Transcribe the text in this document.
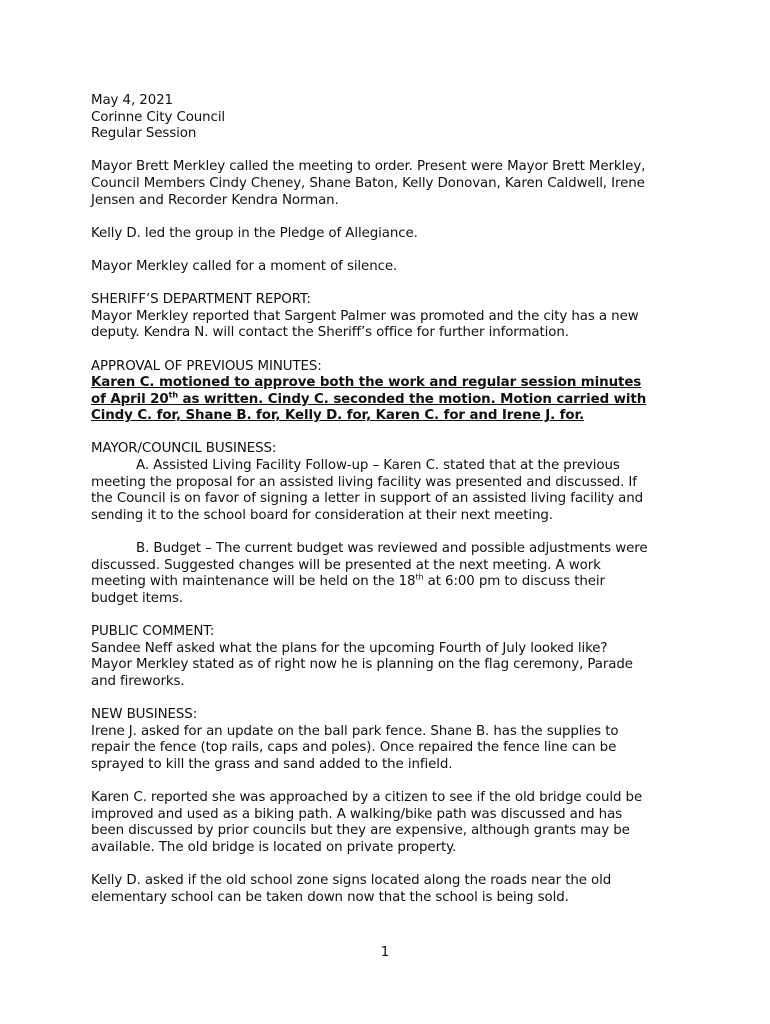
May 4, 2021
Corinne City Council
Regular Session
Mayor Brett Merkley called the meeting to order. Present were Mayor Brett Merkley,
Council Members Cindy Cheney, Shane Baton, Kelly Donovan, Karen Caldwell, Irene
Jensen and Recorder Kendra Norman.
Kelly D. led the group in the Pledge of Allegiance.
Mayor Merkley called for a moment of silence.
SHERIFF’S DEPARTMENT REPORT:
Mayor Merkley reported that Sargent Palmer was promoted and the city has a new
deputy. Kendra N. will contact the Sheriff’s office for further information.
APPROVAL OF PREVIOUS MINUTES:
Karen C. motioned to approve both the work and regular session minutes
of April 20th as written. Cindy C. seconded the motion. Motion carried with
Cindy C. for, Shane B. for, Kelly D. for, Karen C. for and Irene J. for.
MAYOR/COUNCIL BUSINESS:
A. Assisted Living Facility Follow-up – Karen C. stated that at the previous
meeting the proposal for an assisted living facility was presented and discussed. If
the Council is on favor of signing a letter in support of an assisted living facility and
sending it to the school board for consideration at their next meeting.
B. Budget – The current budget was reviewed and possible adjustments were
discussed. Suggested changes will be presented at the next meeting. A work
meeting with maintenance will be held on the 18th at 6:00 pm to discuss their
budget items.
PUBLIC COMMENT:
Sandee Neff asked what the plans for the upcoming Fourth of July looked like?
Mayor Merkley stated as of right now he is planning on the flag ceremony, Parade
and fireworks.
NEW BUSINESS:
Irene J. asked for an update on the ball park fence. Shane B. has the supplies to
repair the fence (top rails, caps and poles). Once repaired the fence line can be
sprayed to kill the grass and sand added to the infield.
Karen C. reported she was approached by a citizen to see if the old bridge could be
improved and used as a biking path. A walking/bike path was discussed and has
been discussed by prior councils but they are expensive, although grants may be
available. The old bridge is located on private property.
Kelly D. asked if the old school zone signs located along the roads near the old
elementary school can be taken down now that the school is being sold.
1
